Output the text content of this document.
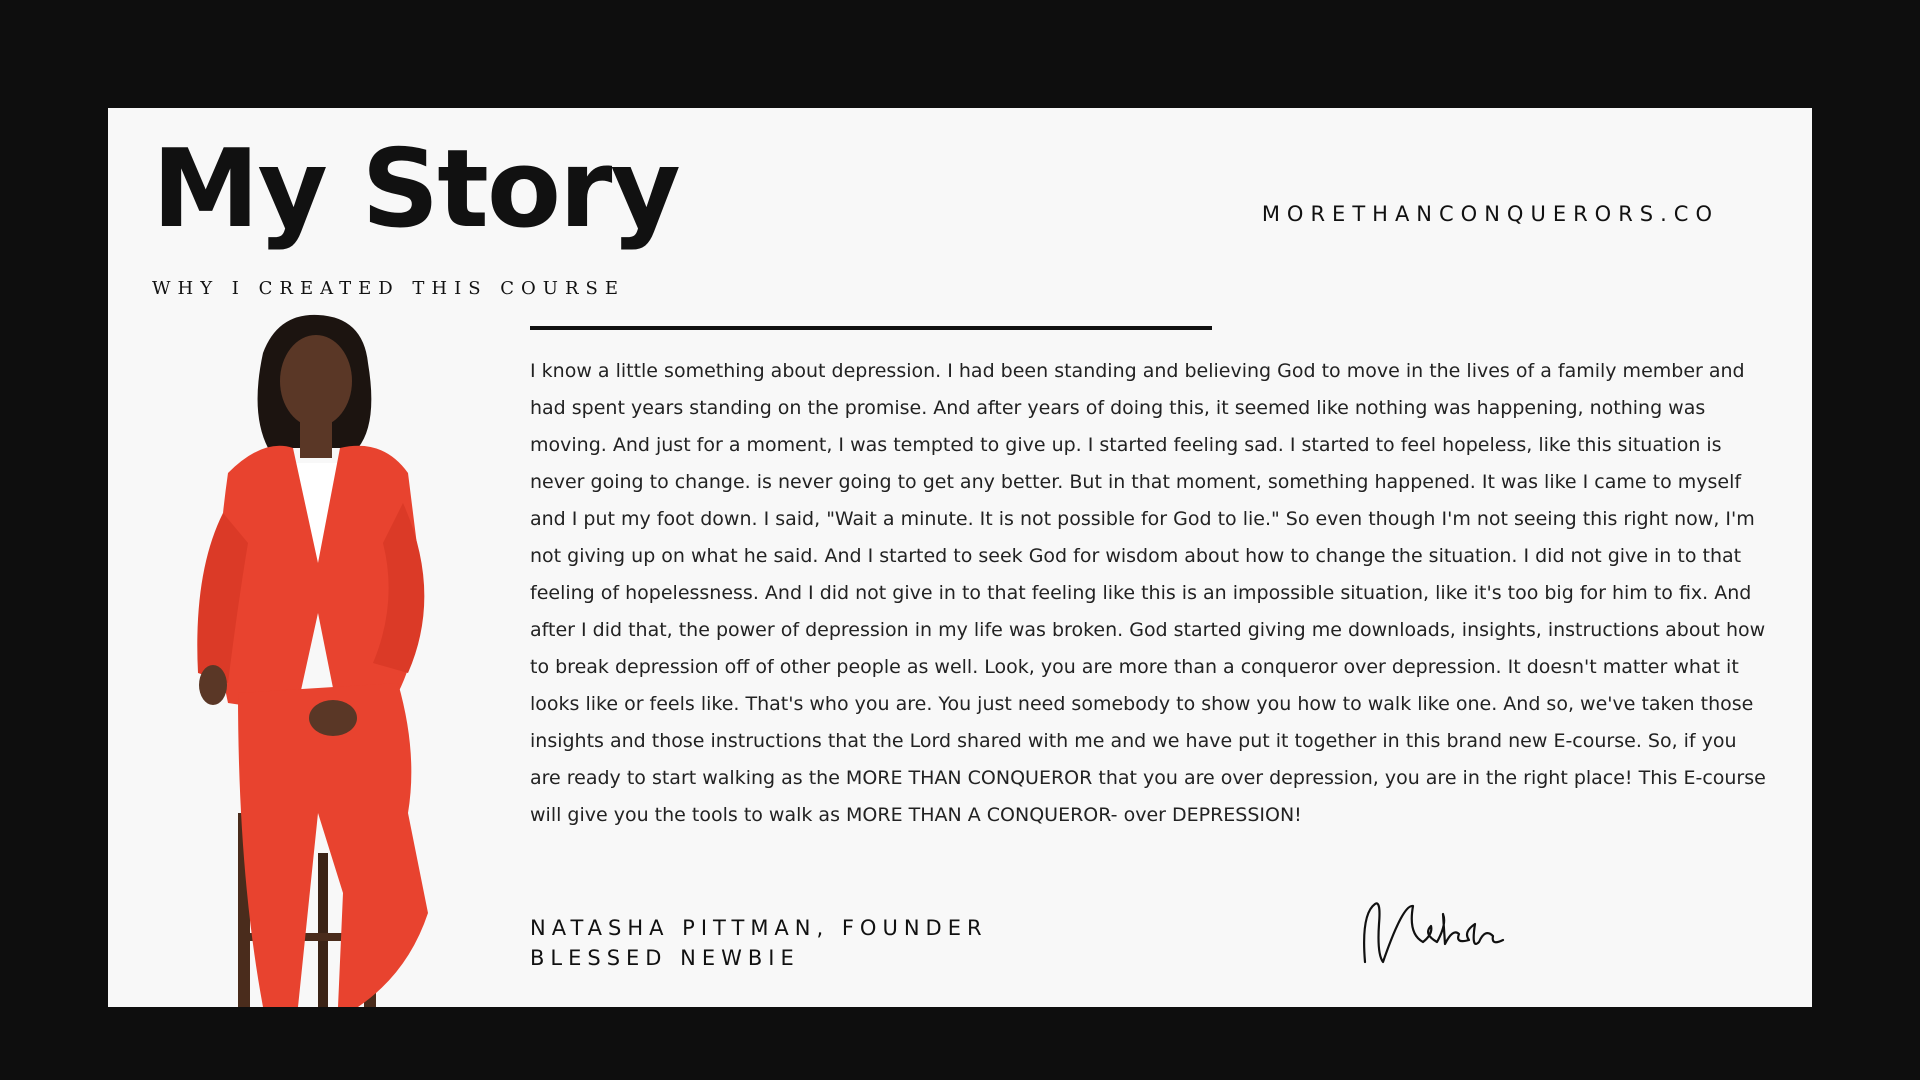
My Story
WHY I CREATED THIS COURSE
MORETHANCONQUERORS.CO

I know a little something about depression. I had been standing and believing God to move in the lives of a family member and had spent years standing on the promise. And after years of doing this, it seemed like nothing was happening, nothing was moving. And just for a moment, I was tempted to give up. I started feeling sad. I started to feel hopeless, like this situation is never going to change. is never going to get any better. But in that moment, something happened. It was like I came to myself and I put my foot down. I said, "Wait a minute. It is not possible for God to lie." So even though I'm not seeing this right now, I'm not giving up on what he said. And I started to seek God for wisdom about how to change the situation. I did not give in to that feeling of hopelessness. And I did not give in to that feeling like this is an impossible situation, like it's too big for him to fix. And after I did that, the power of depression in my life was broken. God started giving me downloads, insights, instructions about how to break depression off of other people as well. Look, you are more than a conqueror over depression. It doesn't matter what it looks like or feels like. That's who you are. You just need somebody to show you how to walk like one. And so, we've taken those insights and those instructions that the Lord shared with me and we have put it together in this brand new E-course. So, if you are ready to start walking as the MORE THAN CONQUEROR that you are over depression, you are in the right place! This E-course will give you the tools to walk as MORE THAN A CONQUEROR- over DEPRESSION!

NATASHA PITTMAN, FOUNDER
BLESSED NEWBIE
